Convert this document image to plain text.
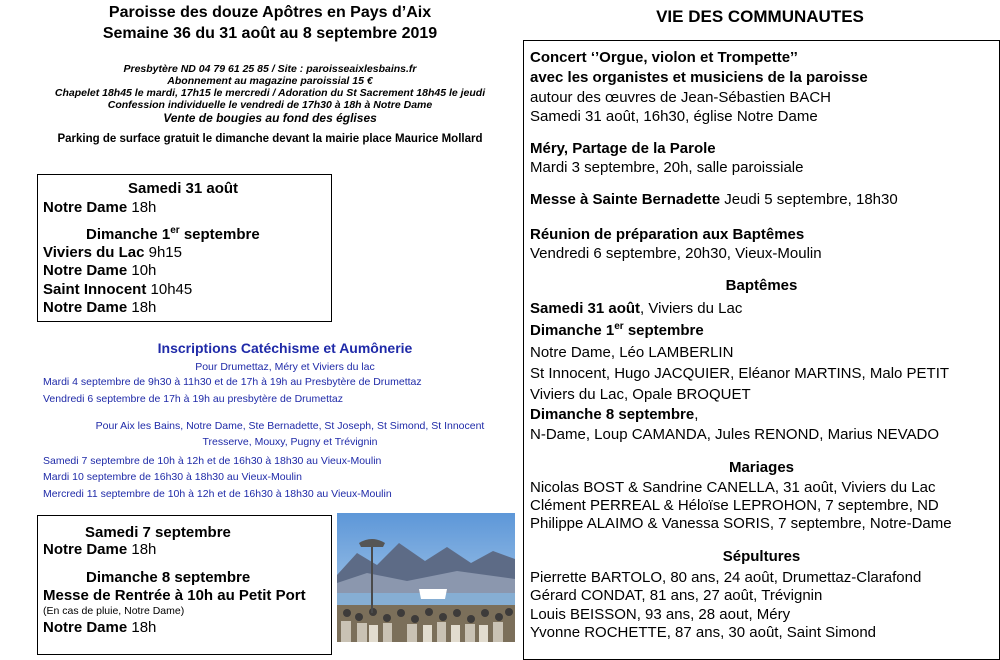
Paroisse des douze Apôtres en Pays d’Aix
Semaine 36 du 31 août au 8 septembre 2019
Presbytère ND 04 79 61 25 85 / Site : paroisseaixlesbains.fr
Abonnement au magazine paroissial 15 €
Chapelet 18h45 le mardi, 17h15 le mercredi / Adoration du St Sacrement 18h45 le jeudi
Confession individuelle le vendredi de 17h30 à 18h à Notre Dame
Vente de bougies au fond des églises
Parking de surface gratuit le dimanche devant la mairie place Maurice Mollard
Samedi 31 août
Notre Dame 18h
Dimanche 1er septembre
Viviers du Lac 9h15
Notre Dame 10h
Saint Innocent 10h45
Notre Dame 18h
Inscriptions Catéchisme et Aumônerie
Pour Drumettaz, Méry et Viviers du lac
Mardi 4 septembre de 9h30 à 11h30 et de 17h à 19h au Presbytère de Drumettaz
Vendredi 6 septembre de 17h à 19h au presbytère de Drumettaz
Pour Aix les Bains, Notre Dame, Ste Bernadette, St Joseph, St Simond, St Innocent
Tresserve, Mouxy, Pugny et Trévignin
Samedi 7 septembre de 10h à 12h et de 16h30 à 18h30 au Vieux-Moulin
Mardi 10 septembre de 16h30 à 18h30 au Vieux-Moulin
Mercredi 11 septembre de 10h à 12h et de 16h30 à 18h30 au Vieux-Moulin
Samedi 7 septembre
Notre Dame 18h
Dimanche 8 septembre
Messe de Rentrée à 10h au Petit Port
(En cas de pluie, Notre Dame)
Notre Dame 18h
VIE DES COMMUNAUTES
Concert ‘’Orgue, violon et Trompette’’
avec les organistes et musiciens de la paroisse
autour des œuvres de Jean-Sébastien BACH
Samedi 31 août, 16h30, église Notre Dame
Méry, Partage de la Parole
Mardi 3 septembre, 20h, salle paroissiale
Messe à Sainte Bernadette Jeudi 5 septembre, 18h30
Réunion de préparation aux Baptêmes
Vendredi 6 septembre, 20h30, Vieux-Moulin
Baptêmes
Samedi 31 août, Viviers du Lac
Dimanche 1er septembre
Notre Dame, Léo LAMBERLIN
St Innocent, Hugo JACQUIER, Eléanor MARTINS, Malo PETIT
Viviers du Lac, Opale BROQUET
Dimanche 8 septembre,
N-Dame, Loup CAMANDA, Jules RENOND, Marius NEVADO
Mariages
Nicolas BOST & Sandrine CANELLA, 31 août, Viviers du Lac
Clément PERREAL & Héloïse LEPROHON, 7 septembre, ND
Philippe ALAIMO & Vanessa SORIS, 7 septembre, Notre-Dame
Sépultures
Pierrette BARTOLO, 80 ans, 24 août, Drumettaz-Clarafond
Gérard CONDAT, 81 ans, 27 août, Trévignin
Louis BEISSON, 93 ans, 28 aout, Méry
Yvonne ROCHETTE, 87 ans, 30 août, Saint Simond
